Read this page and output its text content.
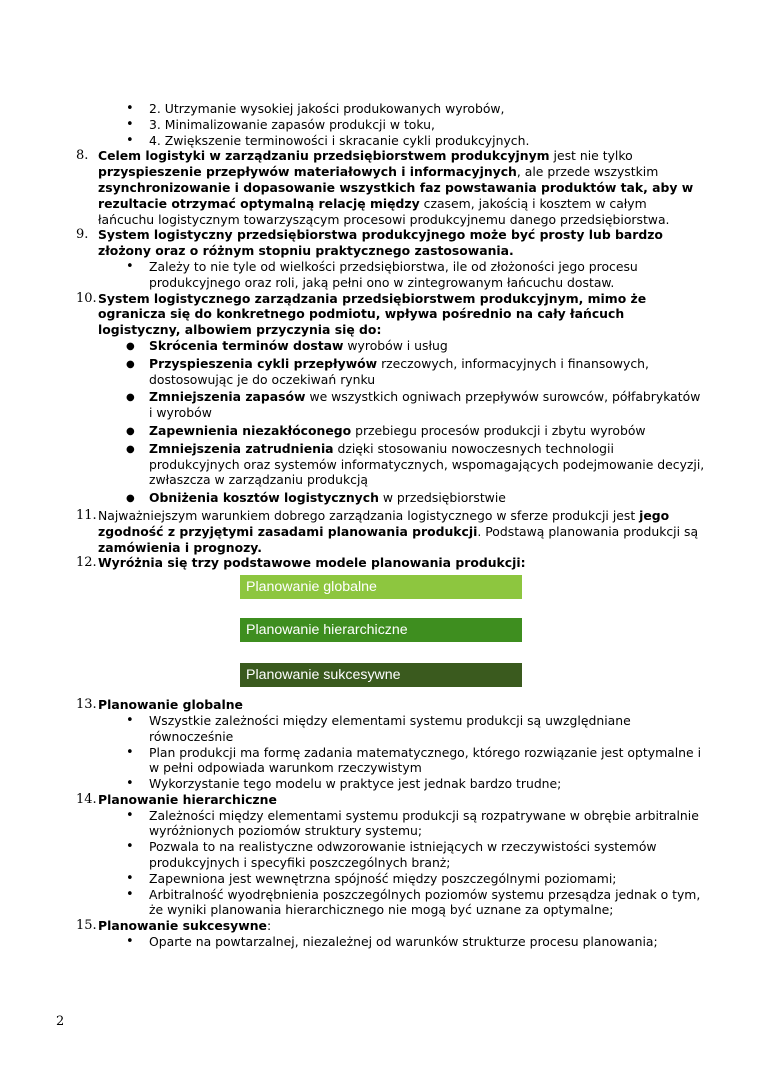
• 2. Utrzymanie wysokiej jakości produkowanych wyrobów,
• 3. Minimalizowanie zapasów produkcji w toku,
• 4. Zwiększenie terminowości i skracanie cykli produkcyjnych.
8. Celem logistyki w zarządzaniu przedsiębiorstwem produkcyjnym jest nie tylko przyspieszenie przepływów materiałowych i informacyjnych, ale przede wszystkim zsynchronizowanie i dopasowanie wszystkich faz powstawania produktów tak, aby w rezultacie otrzymać optymalną relację między czasem, jakością i kosztem w całym łańcuchu logistycznym towarzyszącym procesowi produkcyjnemu danego przedsiębiorstwa.
9. System logistyczny przedsiębiorstwa produkcyjnego może być prosty lub bardzo złożony oraz o różnym stopniu praktycznego zastosowania.
• Zależy to nie tyle od wielkości przedsiębiorstwa, ile od złożoności jego procesu produkcyjnego oraz roli, jaką pełni ono w zintegrowanym łańcuchu dostaw.
10. System logistycznego zarządzania przedsiębiorstwem produkcyjnym, mimo że ogranicza się do konkretnego podmiotu, wpływa pośrednio na cały łańcuch logistyczny, albowiem przyczynia się do:
● Skrócenia terminów dostaw wyrobów i usług
● Przyspieszenia cykli przepływów rzeczowych, informacyjnych i finansowych, dostosowując je do oczekiwań rynku
● Zmniejszenia zapasów we wszystkich ogniwach przepływów surowców, półfabrykatów i wyrobów
● Zapewnienia niezakłóconego przebiegu procesów produkcji i zbytu wyrobów
● Zmniejszenia zatrudnienia dzięki stosowaniu nowoczesnych technologii produkcyjnych oraz systemów informatycznych, wspomagających podejmowanie decyzji, zwłaszcza w zarządzaniu produkcją
● Obniżenia kosztów logistycznych w przedsiębiorstwie
11. Najważniejszym warunkiem dobrego zarządzania logistycznego w sferze produkcji jest jego zgodność z przyjętymi zasadami planowania produkcji. Podstawą planowania produkcji są zamówienia i prognozy.
12. Wyróżnia się trzy podstawowe modele planowania produkcji:
Planowanie globalne
Planowanie hierarchiczne
Planowanie sukcesywne
13. Planowanie globalne
• Wszystkie zależności między elementami systemu produkcji są uwzględniane równocześnie
• Plan produkcji ma formę zadania matematycznego, którego rozwiązanie jest optymalne i w pełni odpowiada warunkom rzeczywistym
• Wykorzystanie tego modelu w praktyce jest jednak bardzo trudne;
14. Planowanie hierarchiczne
• Zależności między elementami systemu produkcji są rozpatrywane w obrębie arbitralnie wyróżnionych poziomów struktury systemu;
• Pozwala to na realistyczne odwzorowanie istniejących w rzeczywistości systemów produkcyjnych i specyfiki poszczególnych branż;
• Zapewniona jest wewnętrzna spójność między poszczególnymi poziomami;
• Arbitralność wyodrębnienia poszczególnych poziomów systemu przesądza jednak o tym, że wyniki planowania hierarchicznego nie mogą być uznane za optymalne;
15. Planowanie sukcesywne:
• Oparte na powtarzalnej, niezależnej od warunków strukturze procesu planowania;
2
